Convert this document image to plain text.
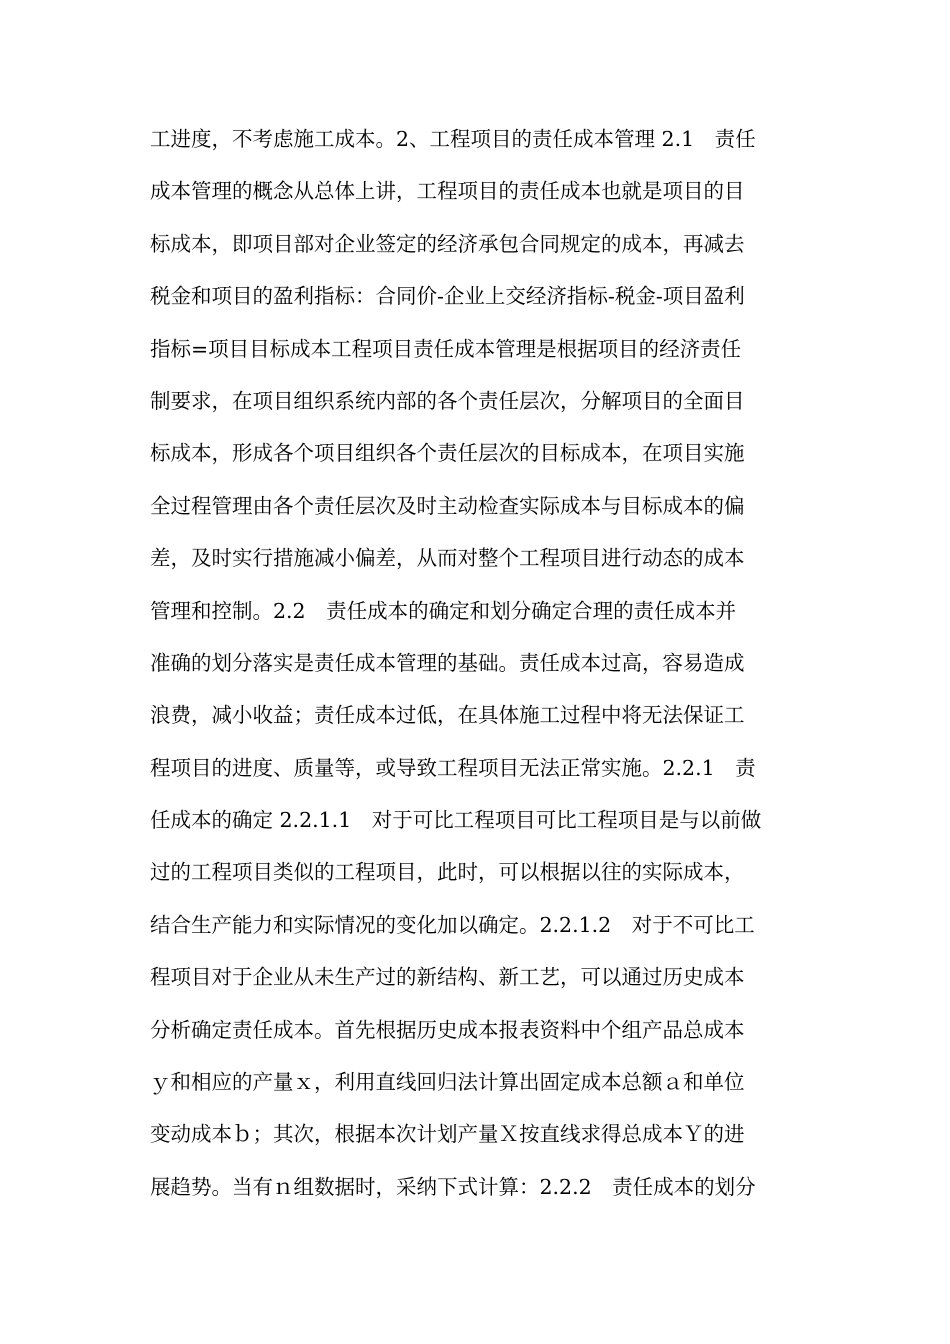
工进度，不考虑施工成本。2、工程项目的责任成本管理 2.1　责任
成本管理的概念从总体上讲，工程项目的责任成本也就是项目的目
标成本，即项目部对企业签定的经济承包合同规定的成本，再减去
税金和项目的盈利指标：合同价-企业上交经济指标-税金-项目盈利
指标=项目目标成本工程项目责任成本管理是根据项目的经济责任
制要求，在项目组织系统内部的各个责任层次，分解项目的全面目
标成本，形成各个项目组织各个责任层次的目标成本，在项目实施
全过程管理由各个责任层次及时主动检查实际成本与目标成本的偏
差，及时实行措施减小偏差，从而对整个工程项目进行动态的成本
管理和控制。2.2　责任成本的确定和划分确定合理的责任成本并
准确的划分落实是责任成本管理的基础。责任成本过高，容易造成
浪费，减小收益；责任成本过低，在具体施工过程中将无法保证工
程项目的进度、质量等，或导致工程项目无法正常实施。2.2.1　责
任成本的确定 2.2.1.1　对于可比工程项目可比工程项目是与以前做
过的工程项目类似的工程项目，此时，可以根据以往的实际成本，
结合生产能力和实际情况的变化加以确定。2.2.1.2　对于不可比工
程项目对于企业从未生产过的新结构、新工艺，可以通过历史成本
分析确定责任成本。首先根据历史成本报表资料中个组产品总成本
ｙ和相应的产量ｘ，利用直线回归法计算出固定成本总额ａ和单位
变动成本ｂ；其次，根据本次计划产量Ｘ按直线求得总成本Ｙ的进
展趋势。当有ｎ组数据时，采纳下式计算：2.2.2　责任成本的划分
